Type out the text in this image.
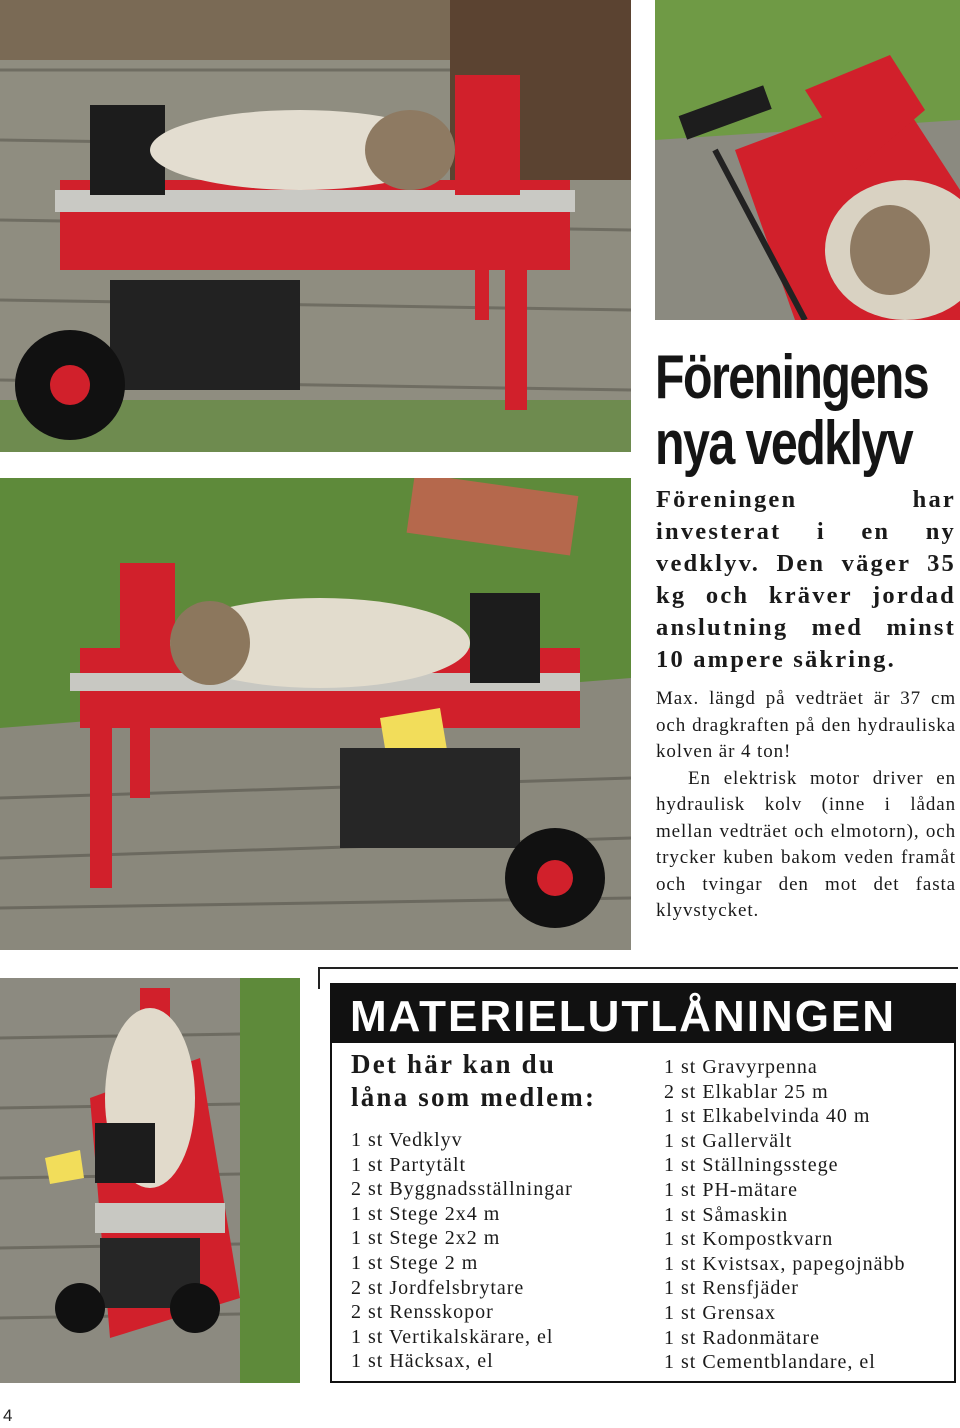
Föreningens
nya vedklyv

Föreningen har investerat i en ny vedklyv. Den väger 35 kg och kräver jordad anslutning med minst 10 ampere säkring.

Max. längd på vedträet är 37 cm och dragkraften på den hydrauliska kolven är 4 ton!
En elektrisk motor driver en hydraulisk kolv (inne i lådan mellan vedträet och elmotorn), och trycker kuben bakom veden framåt och tvingar den mot det fasta klyvstycket.

MATERIELUTLÅNINGEN

Det här kan du
låna som medlem:

1 st Vedklyv
1 st Partytält
2 st Byggnadsställningar
1 st Stege 2x4 m
1 st Stege 2x2 m
1 st Stege 2 m
2 st Jordfelsbrytare
2 st Rensskopor
1 st Vertikalskärare, el
1 st Häcksax, el
1 st Gravyrpenna
2 st Elkablar 25 m
1 st Elkabelvinda 40 m
1 st Gallervält
1 st Ställningsstege
1 st PH-mätare
1 st Såmaskin
1 st Kompostkvarn
1 st Kvistsax, papegojnäbb
1 st Rensfjäder
1 st Grensax
1 st Radonmätare
1 st Cementblandare, el
4
